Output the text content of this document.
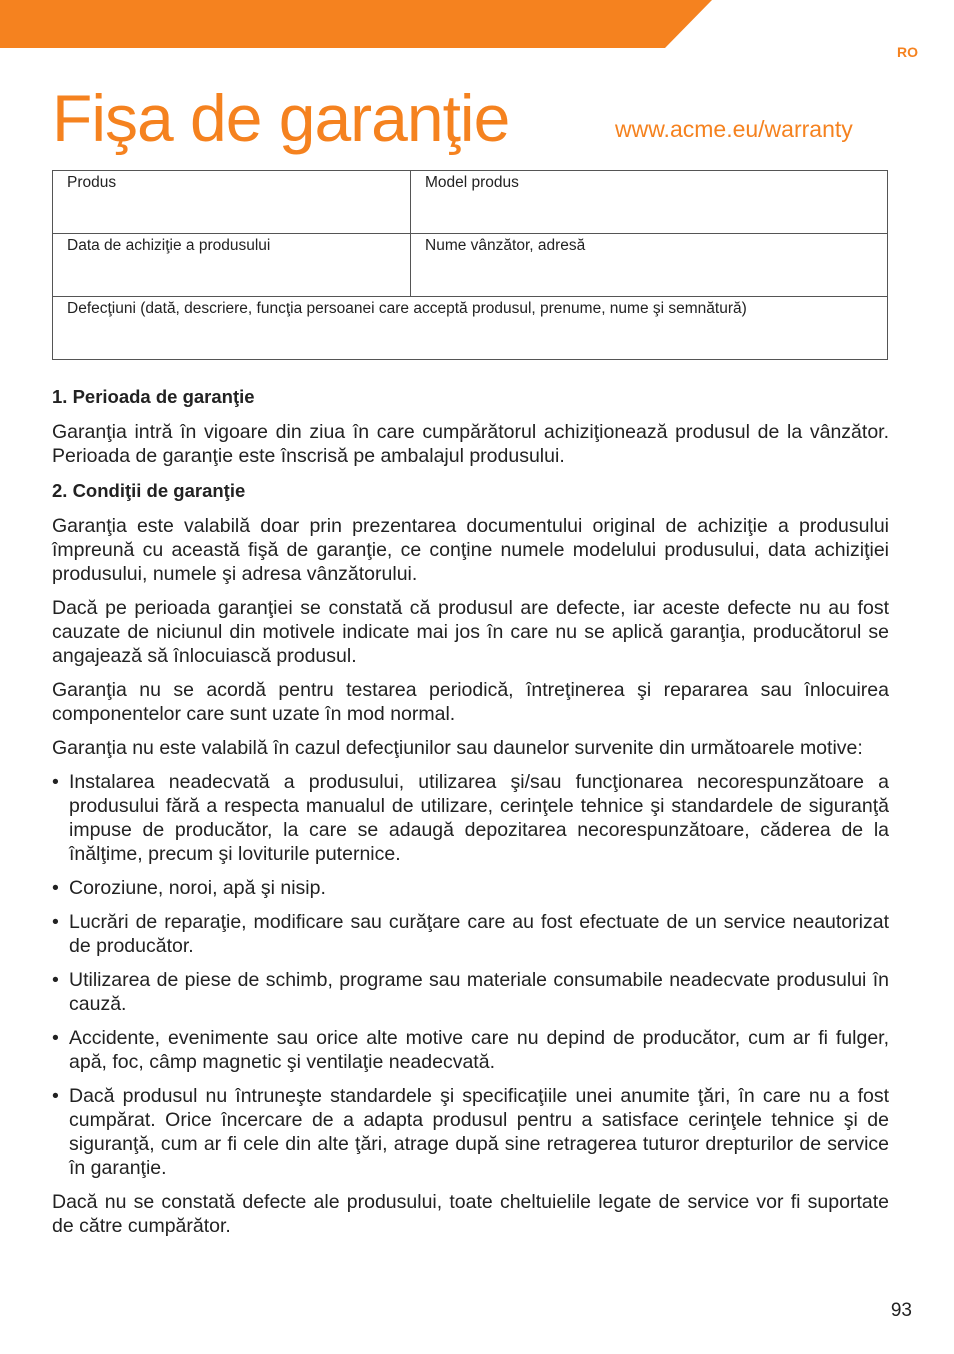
RO
Fişa de garanţie	www.acme.eu/warranty
Produs	Model produs
Data de achiziţie a produsului	Nume vânzător, adresă
Defecţiuni (dată, descriere, funcţia persoanei care acceptă produsul, prenume, nume şi semnătură)	
1. Perioada de garanţie

Garanţia intră în vigoare din ziua în care cumpărătorul achiziţionează produsul de la vânzător. Perioada de garanţie este înscrisă pe ambalajul produsului.

2. Condiţii de garanţie

Garanţia este valabilă doar prin prezentarea documentului original de achiziţie a produsului împreună cu această fişă de garanţie, ce conţine numele modelului produsului, data achiziţiei produsului, numele şi adresa vânzătorului.

Dacă pe perioada garanţiei se constată că produsul are defecte, iar aceste defecte nu au fost cauzate de niciunul din motivele indicate mai jos în care nu se aplică garanţia, producătorul se angajează să înlocuiască produsul.

Garanţia nu se acordă pentru testarea periodică, întreţinerea şi repararea sau înlocuirea componentelor care sunt uzate în mod normal.

Garanţia nu este valabilă în cazul defecţiunilor sau daunelor survenite din următoarele motive:

• Instalarea neadecvată a produsului, utilizarea şi/sau funcţionarea necorespunzătoare a produsului fără a respecta manualul de utilizare, cerinţele tehnice şi standardele de siguranţă impuse de producător, la care se adaugă depozitarea necorespunzătoare, căderea de la înălţime, precum şi loviturile puternice.
• Coroziune, noroi, apă şi nisip.
• Lucrări de reparaţie, modificare sau curăţare care au fost efectuate de un service neautorizat de producător.
• Utilizarea de piese de schimb, programe sau materiale consumabile neadecvate produsului în cauză.
• Accidente, evenimente sau orice alte motive care nu depind de producător, cum ar fi fulger, apă, foc, câmp magnetic şi ventilaţie neadecvată.
• Dacă produsul nu întruneşte standardele şi specificaţiile unei anumite ţări, în care nu a fost cumpărat. Orice încercare de a adapta produsul pentru a satisface cerinţele tehnice şi de siguranţă, cum ar fi cele din alte ţări, atrage după sine retragerea tuturor drepturilor de service în garanţie.

Dacă nu se constată defecte ale produsului, toate cheltuielile legate de service vor fi suportate de către cumpărător.

93
